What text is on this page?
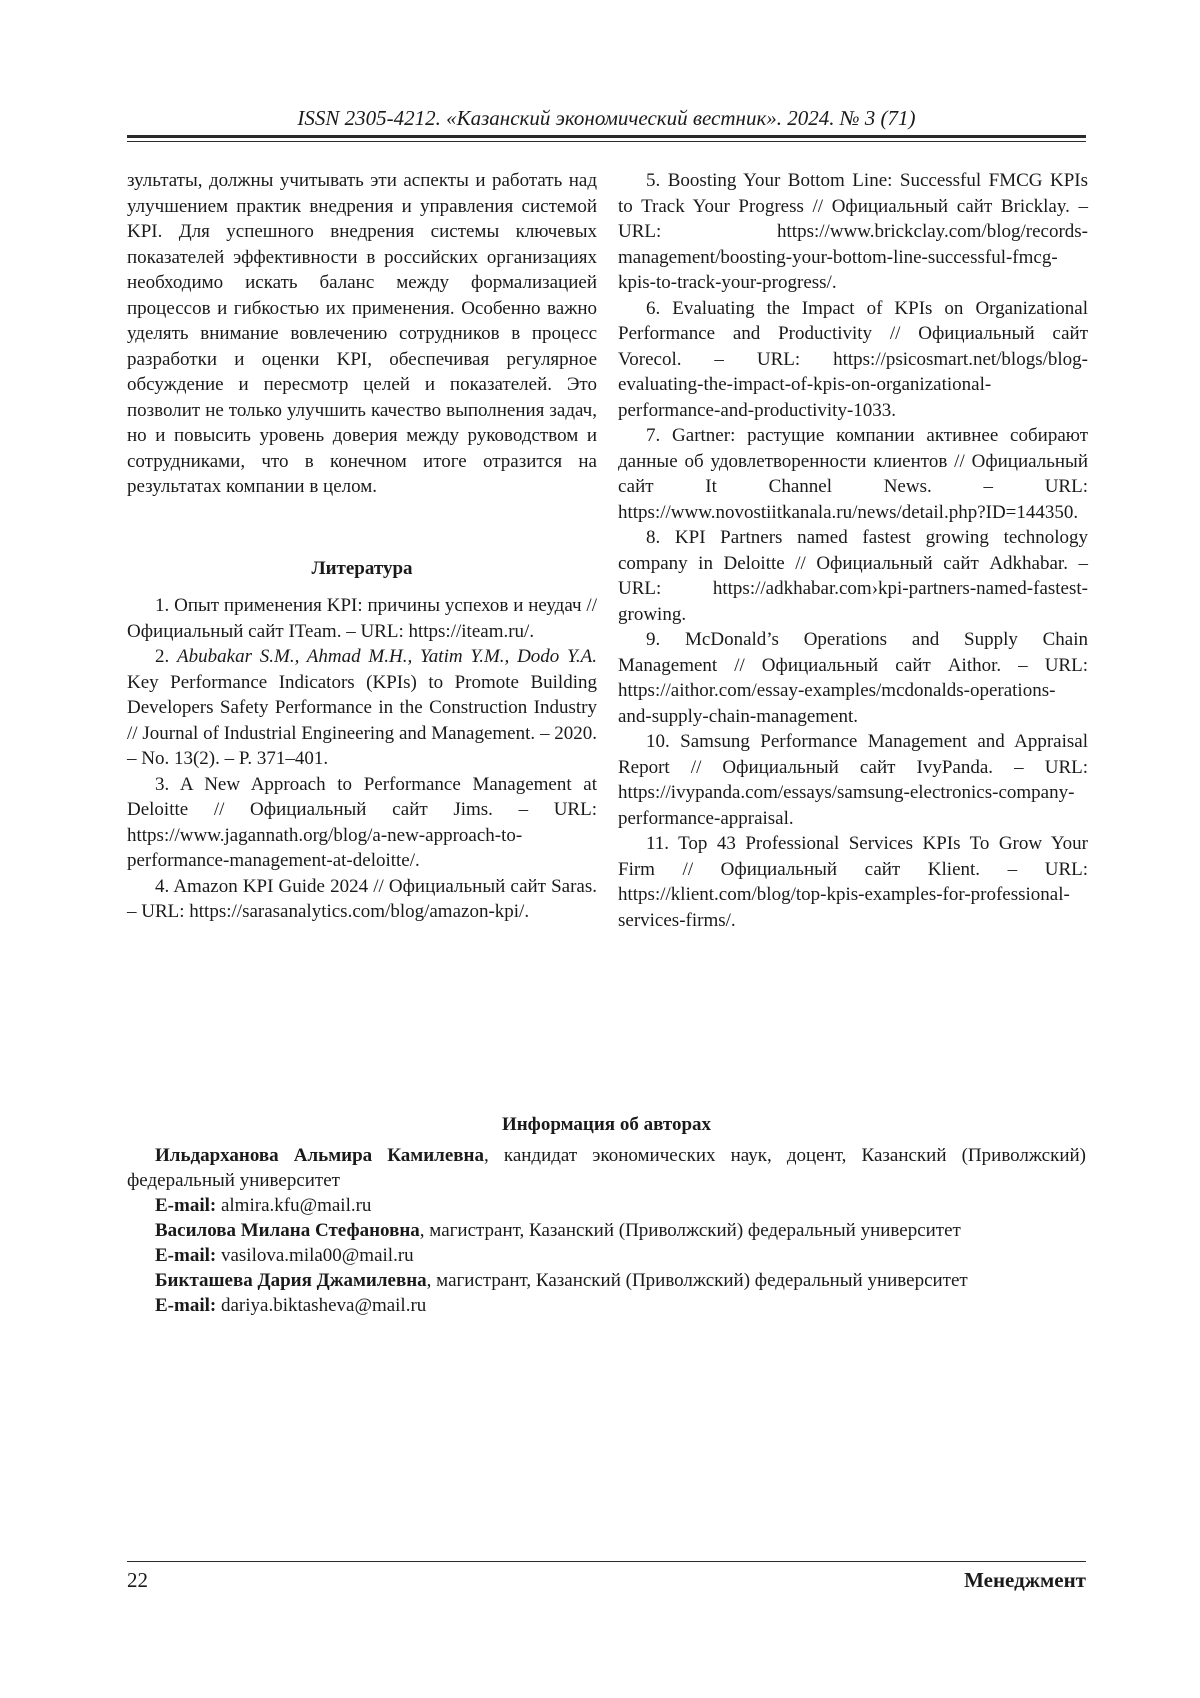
ISSN 2305-4212. «Казанский экономический вестник». 2024. № 3 (71)

зультаты, должны учитывать эти аспекты и работать над улучшением практик внедрения и управления системой KPI. Для успешного внедрения системы ключевых показателей эффективности в российских организациях необходимо искать баланс между формализацией процессов и гибкостью их применения. Особенно важно уделять внимание вовлечению сотрудников в процесс разработки и оценки KPI, обеспечивая регулярное обсуждение и пересмотр целей и показателей. Это позволит не только улучшить качество выполнения задач, но и повысить уровень доверия между руководством и сотрудниками, что в конечном итоге отразится на результатах компании в целом.

Литература

1. Опыт применения KPI: причины успехов и неудач // Официальный сайт ITeam. – URL: https://iteam.ru/.

2. Abubakar S.M., Ahmad M.H., Yatim Y.M., Dodo Y.A. Key Performance Indicators (KPIs) to Promote Building Developers Safety Performance in the Construction Industry // Journal of Industrial Engineering and Management. – 2020. – No. 13(2). – P. 371–401.

3. A New Approach to Performance Management at Deloitte // Официальный сайт Jims. – URL: https://www.jagannath.org/blog/a-new-approach-to-performance-management-at-deloitte/.

4. Amazon KPI Guide 2024 // Официальный сайт Saras. – URL: https://sarasanalytics.com/blog/amazon-kpi/.

5. Boosting Your Bottom Line: Successful FMCG KPIs to Track Your Progress // Официальный сайт Bricklay. – URL: https://www.brickclay.com/blog/records-management/boosting-your-bottom-line-successful-fmcg-kpis-to-track-your-progress/.

6. Evaluating the Impact of KPIs on Organizational Performance and Productivity // Официальный сайт Vorecol. – URL: https://psicosmart.net/blogs/blog-evaluating-the-impact-of-kpis-on-organizational-performance-and-productivity-1033.

7. Gartner: растущие компании активнее собирают данные об удовлетворенности клиентов // Официальный сайт It Channel News. – URL: https://www.novostiitkanala.ru/news/detail.php?ID=144350.

8. KPI Partners named fastest growing technology company in Deloitte // Официальный сайт Adkhabar. – URL: https://adkhabar.com›kpi-partners-named-fastest-growing.

9. McDonald’s Operations and Supply Chain Management // Официальный сайт Aithor. – URL: https://aithor.com/essay-examples/mcdonalds-operations-and-supply-chain-management.

10. Samsung Performance Management and Appraisal Report // Официальный сайт IvyPanda. – URL: https://ivypanda.com/essays/samsung-electronics-company-performance-appraisal.

11. Top 43 Professional Services KPIs To Grow Your Firm // Официальный сайт Klient. – URL: https://klient.com/blog/top-kpis-examples-for-professional-services-firms/.

Информация об авторах

Ильдарханова Альмира Камилевна, кандидат экономических наук, доцент, Казанский (Приволжский) федеральный университет

E-mail: almira.kfu@mail.ru

Василова Милана Стефановна, магистрант, Казанский (Приволжский) федеральный университет

E-mail: vasilova.mila00@mail.ru

Бикташева Дария Джамилевна, магистрант, Казанский (Приволжский) федеральный университет

E-mail: dariya.biktasheva@mail.ru

22	Менеджмент
